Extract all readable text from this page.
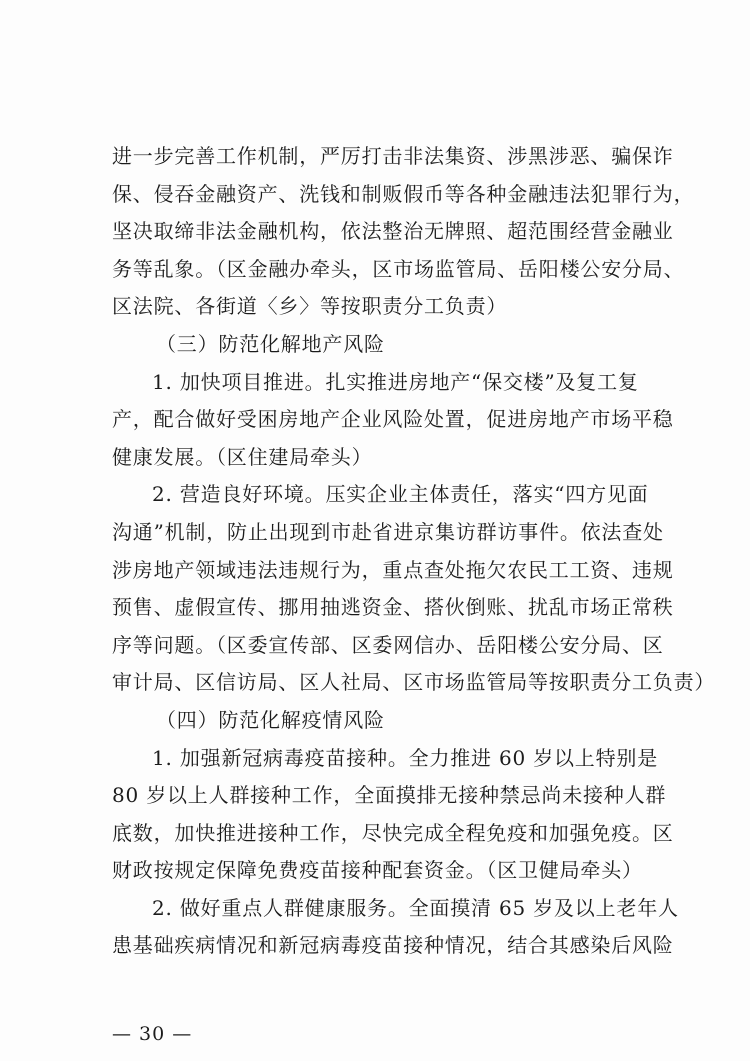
进一步完善工作机制，严厉打击非法集资、涉黑涉恶、骗保诈
保、侵吞金融资产、洗钱和制贩假币等各种金融违法犯罪行为，
坚决取缔非法金融机构，依法整治无牌照、超范围经营金融业
务等乱象。（区金融办牵头，区市场监管局、岳阳楼公安分局、
区法院、各街道〈乡〉等按职责分工负责）
（三）防范化解地产风险
1. 加快项目推进。扎实推进房地产“保交楼”及复工复
产，配合做好受困房地产企业风险处置，促进房地产市场平稳
健康发展。（区住建局牵头）
2. 营造良好环境。压实企业主体责任，落实“四方见面
沟通”机制，防止出现到市赴省进京集访群访事件。依法查处
涉房地产领域违法违规行为，重点查处拖欠农民工工资、违规
预售、虚假宣传、挪用抽逃资金、搭伙倒账、扰乱市场正常秩
序等问题。（区委宣传部、区委网信办、岳阳楼公安分局、区
审计局、区信访局、区人社局、区市场监管局等按职责分工负责）
（四）防范化解疫情风险
1. 加强新冠病毒疫苗接种。全力推进 60 岁以上特别是
80 岁以上人群接种工作，全面摸排无接种禁忌尚未接种人群
底数，加快推进接种工作，尽快完成全程免疫和加强免疫。区
财政按规定保障免费疫苗接种配套资金。（区卫健局牵头）
2. 做好重点人群健康服务。全面摸清 65 岁及以上老年人
患基础疾病情况和新冠病毒疫苗接种情况，结合其感染后风险
— 30 —
